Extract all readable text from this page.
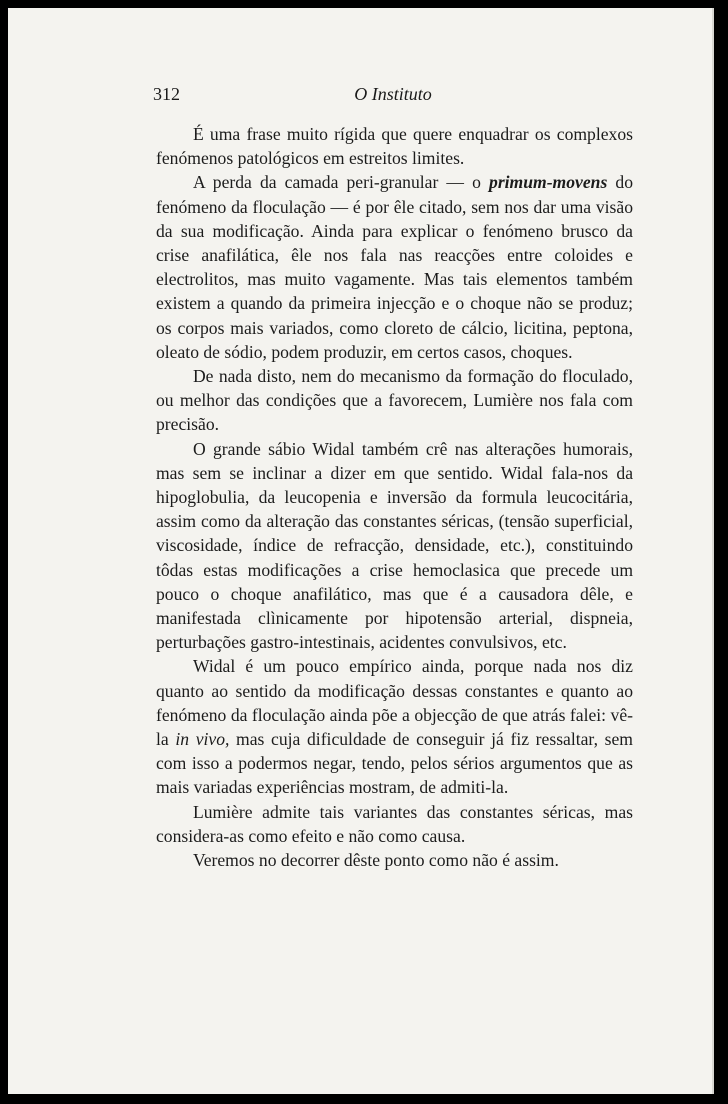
312	O Instituto

É uma frase muito rígida que quere enquadrar os complexos fenómenos patológicos em estreitos limites.

A perda da camada peri-granular — o primum-movens do fenómeno da floculação — é por êle citado, sem nos dar uma visão da sua modificação. Ainda para explicar o fenómeno brusco da crise anafilática, êle nos fala nas reacções entre coloides e electrolitos, mas muito vagamente. Mas tais elementos também existem a quando da primeira injecção e o choque não se produz; os corpos mais variados, como cloreto de cálcio, licitina, peptona, oleato de sódio, podem produzir, em certos casos, choques.

De nada disto, nem do mecanismo da formação do floculado, ou melhor das condições que a favorecem, Lumière nos fala com precisão.

O grande sábio Widal também crê nas alterações humorais, mas sem se inclinar a dizer em que sentido. Widal fala-nos da hipoglobulia, da leucopenia e inversão da formula leucocitária, assim como da alteração das constantes séricas, (tensão superficial, viscosidade, índice de refracção, densidade, etc.), constituindo tôdas estas modificações a crise hemoclasica que precede um pouco o choque anafilático, mas que é a causadora dêle, e manifestada clìnicamente por hipotensão arterial, dispneia, perturbações gastro-intestinais, acidentes convulsivos, etc.

Widal é um pouco empírico ainda, porque nada nos diz quanto ao sentido da modificação dessas constantes e quanto ao fenómeno da floculação ainda põe a objecção de que atrás falei: vê-la in vivo, mas cuja dificuldade de conseguir já fiz ressaltar, sem com isso a podermos negar, tendo, pelos sérios argumentos que as mais variadas experiências mostram, de admiti-la.

Lumière admite tais variantes das constantes séricas, mas considera-as como efeito e não como causa.

Veremos no decorrer dêste ponto como não é assim.
